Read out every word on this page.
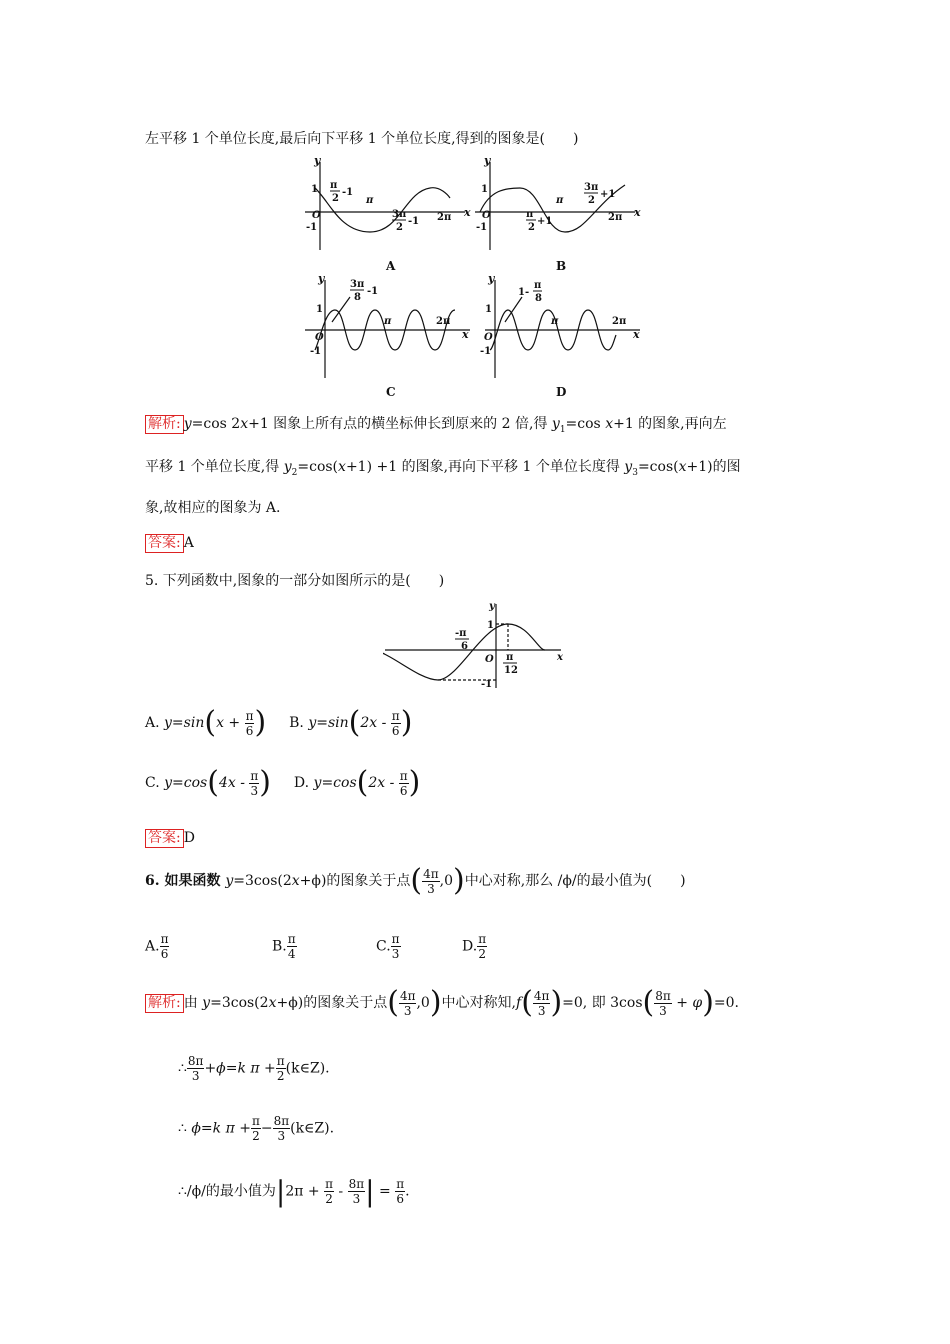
左平移 1 个单位长度,最后向下平移 1 个单位长度,得到的图象是(　　)
y
x
y
x
y
x
y
x
O
1
-1
π
2
-1
π
3π
2
-1 2π
A
O
1
-1
π
2
+1
π
3π
2
+1
2π
B
O
1
-1
3π
8
-1
π	2π
C
O
1
-1
1-
π
8
π	2π
D
解析: y=cos 2x+1 图象上所有点的横坐标伸长到原来的 2 倍,得 $y_1=\cos$ x+1 的图象,再向左
平移 1 个单位长度,得 $y_2=\cos(x+1) +1$ 的图象,再向下平移 1 个单位长度得 $y_3=\cos(x+1)$的图
象,故相应的图象为 A.
答案: A
5. 下列函数中,图象的一部分如图所示的是(　　)
y
x
O
1
-1
-π
6
π
12
A. $y=\sin(x + \frac{\pi}{6}$ ) B. $y=\sin(2x - \frac{\pi}{6}$ )
C. $y=\cos(4x - \frac{\pi}{3}$ ) D. $y=\cos(2x - \frac{\pi}{6}$ )
答案: D
6. 如果函数 y=3cos(2x+ϕ)的图象关于点( $\frac{4\pi}{3} ,0$)中心对称,那么 /ϕ/的最小值为(　　)
A. $\frac{\pi}{6}$	B. $\frac{\pi}{4}$	C. $\frac{\pi}{3}$	D. $\frac{\pi}{2}$
解析: 由 y=3cos(2x+ϕ)的图象关于点( $\frac{4\pi}{3} ,0$)中心对称知$,f( \frac{4\pi}{3} )=0$, 即 $3\cos( \frac{8\pi}{3} + \varphi)=0$.
∴ $\frac{8\pi}{3} +\phi=k$ $\pi + \frac{\pi}{2}$ (k∈Z).
∴ ϕ=k $\pi + \frac{\pi}{2} - \frac{8\pi}{3}$ (k∈Z).
∴/ϕ/的最小值为$|2\pi + \frac{\pi}{2} - \frac{8\pi}{3}$ | = $\frac{\pi}{6}$ .
